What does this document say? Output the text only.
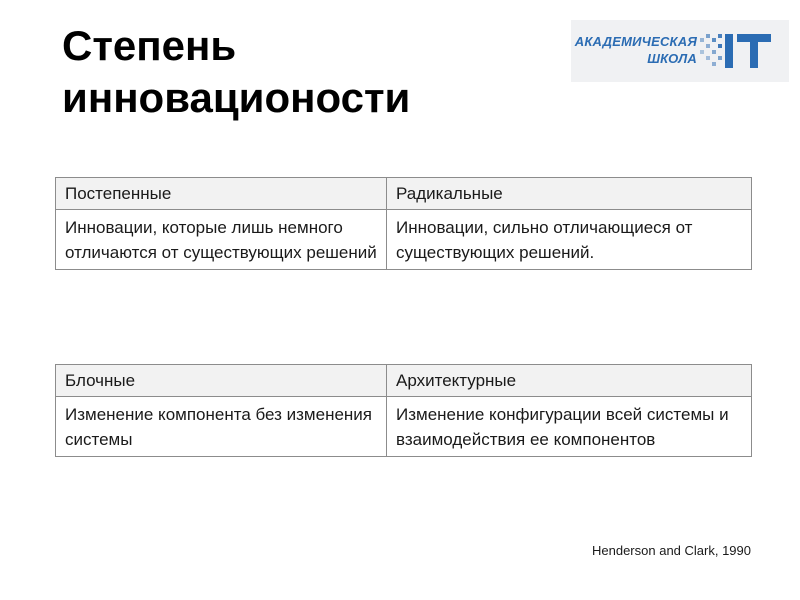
Степень
инновационости
АКАДЕМИЧЕСКАЯ
ШКОЛА
Постепенные	Радикальные
Инновации, которые лишь немного отличаются от существующих решений	Инновации, сильно отличающиеся от существующих решений.
Блочные	Архитектурные
Изменение компонента без изменения системы	Изменение конфигурации всей системы и взаимодействия ее компонентов
Henderson and Clark, 1990
